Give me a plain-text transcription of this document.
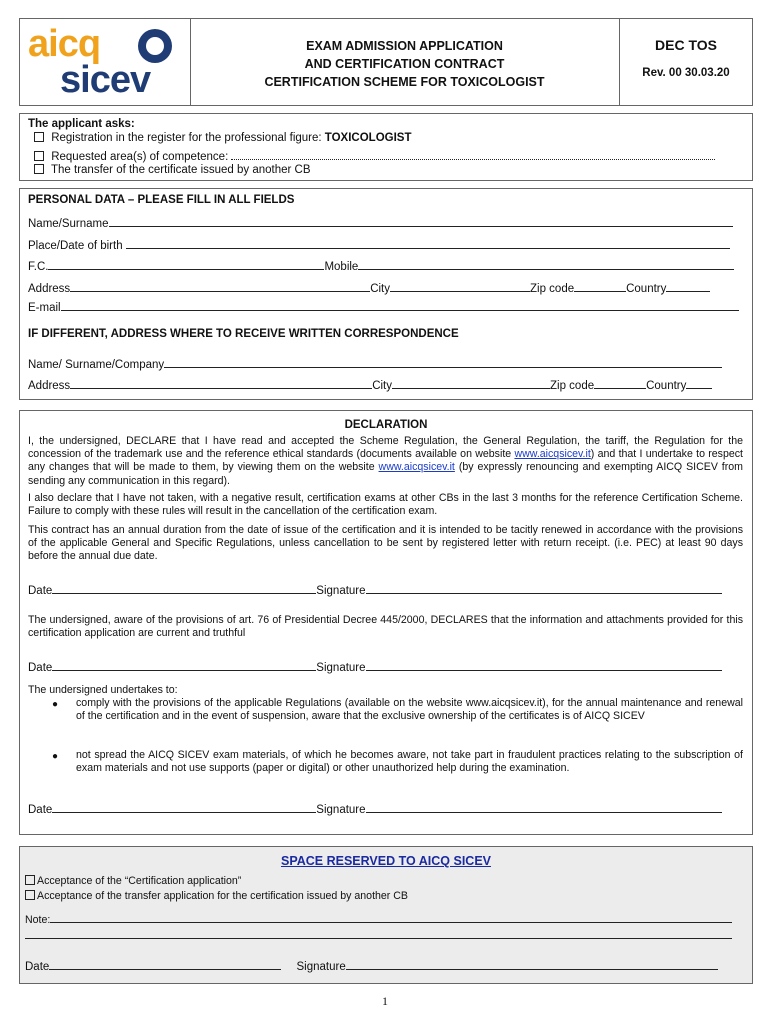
aicq
sicev
EXAM ADMISSION APPLICATION
AND CERTIFICATION CONTRACT
CERTIFICATION SCHEME FOR TOXICOLOGIST
DEC TOS
Rev. 00 30.03.20
The applicant asks:
Registration in the register for the professional figure: TOXICOLOGIST
Requested area(s) of competence:
The transfer of the certificate issued by another CB
PERSONAL DATA – PLEASE FILL IN ALL FIELDS
Name/Surname
Place/Date of birth
F.C.	Mobile
Address	City	Zip code	Country
E-mail
IF DIFFERENT, ADDRESS WHERE TO RECEIVE WRITTEN CORRESPONDENCE
Name/ Surname/Company
Address	City	Zip code	Country
DECLARATION
I, the undersigned, DECLARE that I have read and accepted the Scheme Regulation, the General Regulation, the tariff, the Regulation for the concession of the trademark use and the reference ethical standards (documents available on website www.aicqsicev.it) and that I undertake to respect any changes that will be made to them, by viewing them on the website www.aicqsicev.it (by expressly renouncing and exempting AICQ SICEV from sending any communication in this regard).
I also declare that I have not taken, with a negative result, certification exams at other CBs in the last 3 months for the reference Certification Scheme. Failure to comply with these rules will result in the cancellation of the certification exam.
This contract has an annual duration from the date of issue of the certification and it is intended to be tacitly renewed in accordance with the provisions of the applicable General and Specific Regulations, unless cancellation to be sent by registered letter with return receipt. (i.e. PEC) at least 90 days before the annual due date.
Date	Signature
The undersigned, aware of the provisions of art. 76 of Presidential Decree 445/2000, DECLARES that the information and attachments provided for this certification application are current and truthful
Date	Signature
The undersigned undertakes to:
● comply with the provisions of the applicable Regulations (available on the website www.aicqsicev.it), for the annual maintenance and renewal of the certification and in the event of suspension, aware that the exclusive ownership of the certificates is of AICQ SICEV
● not spread the AICQ SICEV exam materials, of which he becomes aware, not take part in fraudulent practices relating to the subscription of exam materials and not use supports (paper or digital) or other unauthorized help during the examination.
Date	Signature
SPACE RESERVED TO AICQ SICEV
Acceptance of the “Certification application”
Acceptance of the transfer application for the certification issued by another CB
Note:
Date	Signature
1
